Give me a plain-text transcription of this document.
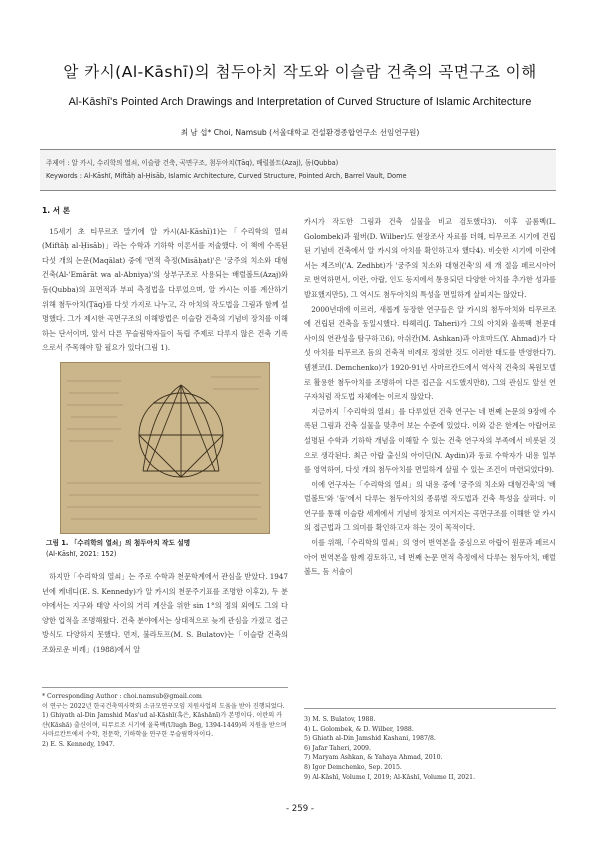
알 카시(Al-Kāshī)의 첨두아치 작도와 이슬람 건축의 곡면구조 이해
Al-Kāshī's Pointed Arch Drawings and Interpretation of Curved Structure of Islamic Architecture
최 남 섭* Choi, Namsub (서울대학교 건설환경종합연구소 선임연구원)
주제어 : 알 카시, 수리학의 열쇠, 이슬람 건축, 곡면구조, 첨두아치(Ṭāq), 배럴볼트(Azaj), 돔(Qubba)
Keywords : Al-Kāshī, Miftāḥ al-Ḥisāb, Islamic Architecture, Curved Structure, Pointed Arch, Barrel Vault, Dome
1. 서 론

15세기 초 티무르조 말기에 알 카시(Al-Kāshī)1)는「수리학의 열쇠(Miftāḥ al-Ḥisāb)」라는 수학과 기하학 이론서를 저술했다. 이 책에 수록된 다섯 개의 논문(Maqālat) 중에 '면적 측정(Misāḥat)'은 '궁주의 치소와 대형건축(Al-'Emārāt wa al-Abniya)'의 상부구조로 사용되는 배럴볼트(Azaj)와 돔(Qubba)의 표면적과 부피 측정법을 다루었으며, 알 카시는 이를 계산하기 위해 첨두아치(Ṭāq)를 다섯 가지로 나누고, 각 아치의 작도법을 그림과 함께 설명했다. 그가 제시한 곡면구조의 이해방법은 이슬람 건축의 기념비 장치를 이해하는 단서이며, 앞서 다른 무슬림학자들이 독립 주제로 다루지 않은 건축 기록으로서 주목해야 할 필요가 있다(그림 1).

그림 1. 「수리학의 열쇠」의 첨두아치 작도 설명
(Al-Kāshī, 2021: 152)

하지만「수리학의 열쇠」는 주로 수학과 천문학계에서 관심을 받았다. 1947년에 케네디(E. S. Kennedy)가 알 카시의 천문주기표를 조명한 이후2), 두 분야에서는 지구와 태양 사이의 거리 계산을 위한 sin 1°의 정의 외에도 그의 다양한 업적을 조명해왔다. 건축 분야에서는 상대적으로 늦게 관심을 가졌고 접근 방식도 다양하지 못했다. 먼저, 불라토프(M. S. Bulatov)는「이슬람 건축의 조화로운 비례」(1988)에서 알

카시가 작도한 그림과 건축 실물을 비교 검토했다3). 이후 골롬벡(L. Golombek)과 윌버(D. Wilber)도 현장조사 자료를 더해, 티무르조 시기에 건립된 기념비 건축에서 알 카시의 아치를 확인하고자 했다4). 비슷한 시기에 이란에서는 제즈비('A. Zedhbt)가 '궁주의 치소와 대형건축'의 세 개 절을 페르시아어로 번역하면서, 이란, 아랍, 인도 등지에서 통용되던 다양한 아치를 추가한 성과를 발표했지만5), 그 역시도 첨두아치의 특성을 면밀하게 살피지는 않았다.

2000년대에 이르러, 새롭게 등장한 연구들은 알 카시의 첨두아치와 티무르조에 건립된 건축을 동일시했다. 타헤리(J. Taheri)가 그의 아치와 울룩백 천문대 사이의 연관성을 탐구하고6), 아쉬칸(M. Ashkan)과 아흐마드(Y. Ahmad)가 다섯 아치를 티무르조 돔의 건축적 비례로 정의한 것도 이러한 태도를 반영한다7). 뎀첸코(I. Demchenko)가 1920-91년 사마르칸드에서 역사적 건축의 복원모델로 활용한 첨두아치를 조명하여 다른 접근을 시도했지만8), 그의 관심도 앞선 연구자처럼 작도법 자체에는 이르지 않았다.

지금까지「수리학의 열쇠」를 다루었던 건축 연구는 네 번째 논문의 9장에 수록된 그림과 건축 실물을 맞추어 보는 수준에 있었다. 이와 같은 한계는 아랍어로 설명된 수학과 기하학 개념을 이해할 수 있는 건축 연구자의 부족에서 비롯된 것으로 생각된다. 최근 아랍 출신의 아이딘(N. Aydin)과 동료 수학자가 내용 일부를 영역하여, 다섯 개의 첨두아치를 면밀하게 살필 수 있는 조건이 마련되었다9).

이에 연구자는「수리학의 열쇠」의 내용 중에 '궁주의 치소와 대형건축'의 '배럴볼트'와 '돔'에서 다루는 첨두아치의 종류별 작도법과 건축 특성을 살펴다. 이 연구를 통해 이슬람 세계에서 기념비 장치로 여겨지는 곡면구조를 이해한 알 카시의 접근법과 그 의미를 확인하고자 하는 것이 목적이다.

이를 위해,「수리학의 열쇠」의 영어 번역본을 중심으로 아랍어 원문과 페르시아어 번역본을 함께 검토하고, 네 번째 논문 면적 측정에서 다루는 첨두아치, 배럴볼트, 돔 서술이

* Corresponding Author : choi.namsub@gmail.com

이 연구는 2022년 한국건축역사학회 소규모연구모임 지원사업의 도움을 받아 진행되었다.

1) Ghiyath al-Din Jamshid Mas'ud al-Kāshī(혹은, Kāshānī)가 본명이다. 이란의 카샨(Kāshā) 출신이며, 티무르조 시기에 울룩백(Ulugh Beg, 1394-1449)의 지원을 받으며 사마르칸트에서 수학, 천문학, 기하학을 연구한 무슬림학자이다.

2) E. S. Kennedy, 1947.

3) M. S. Bulatov, 1988.

4) L. Golombek, & D. Wilber, 1988.

5) Ghiath al-Din Jamshid Kashani, 1987/8.

6) Jafar Taheri, 2009.

7) Maryam Ashkan, & Yahaya Ahmad, 2010.

8) Igor Demchenko, Sep. 2015.

9) Al-Kāshī, Volume I, 2019; Al-Kāshī, Volume II, 2021.

- 259 -
